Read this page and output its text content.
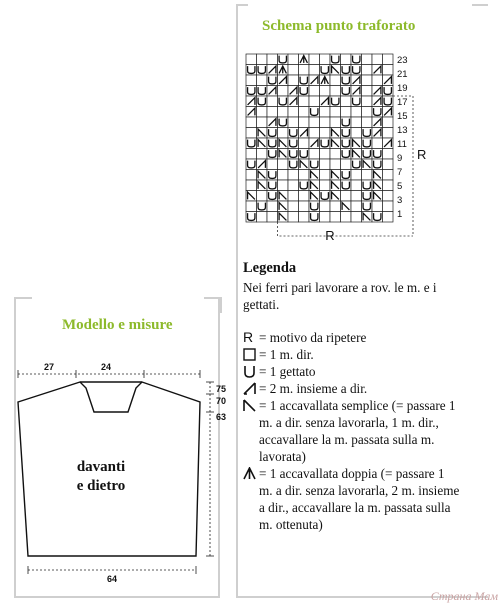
Schema punto traforato
23
21
19
17
15
13
11
9
7
5
3
1
R
R
Legenda

Nei ferri pari lavorare a rov. le m. e i gettati.

R = motivo da ripetere
= 1 m. dir.
= 1 gettato
= 2 m. insieme a dir.
= 1 accavallata semplice (= passare 1 m. a dir. senza lavorarla, 1 m. dir., accavallare la m. passata sulla m. lavorata)
= 1 accavallata doppia (= passare 1 m. a dir. senza lavorarla, 2 m. insieme a dir., accavallare la m. passata sulla m. ottenuta)
Modello e misure
27	24
75
70
63
64
davanti
e dietro
Страна Мам
